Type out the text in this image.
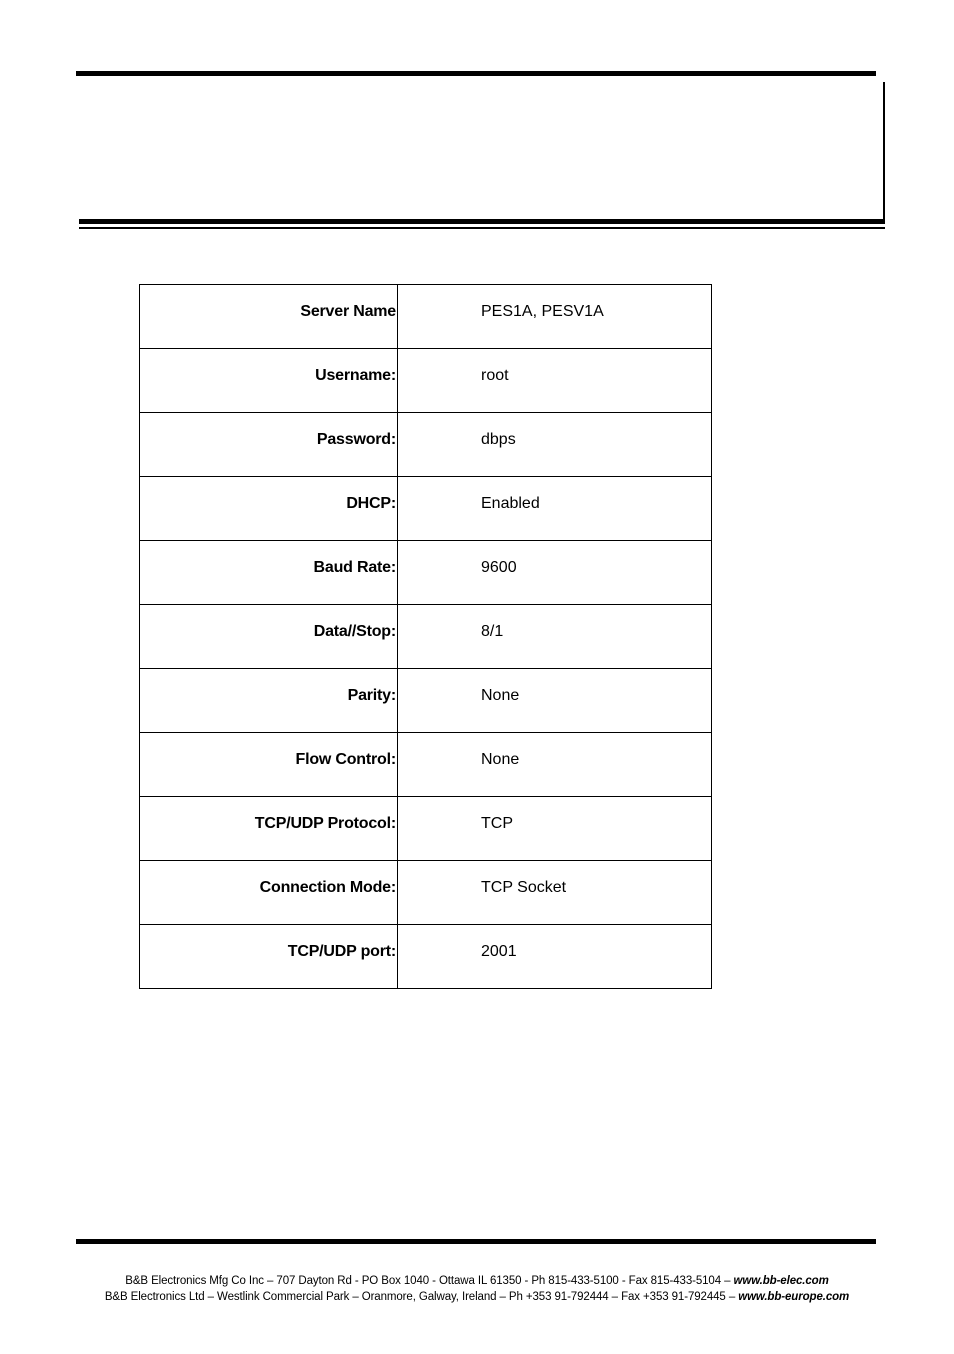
Server Name	PES1A, PESV1A
Username:	root
Password:	dbps
DHCP:	Enabled
Baud Rate:	9600
Data//Stop:	8/1
Parity:	None
Flow Control:	None
TCP/UDP Protocol:	TCP
Connection Mode:	TCP Socket
TCP/UDP port:	2001
B&B Electronics Mfg Co Inc – 707 Dayton Rd - PO Box 1040 - Ottawa IL 61350 - Ph 815-433-5100 - Fax 815-433-5104 – www.bb-elec.com
B&B Electronics Ltd – Westlink Commercial Park – Oranmore, Galway, Ireland – Ph +353 91-792444 – Fax +353 91-792445 – www.bb-europe.com
